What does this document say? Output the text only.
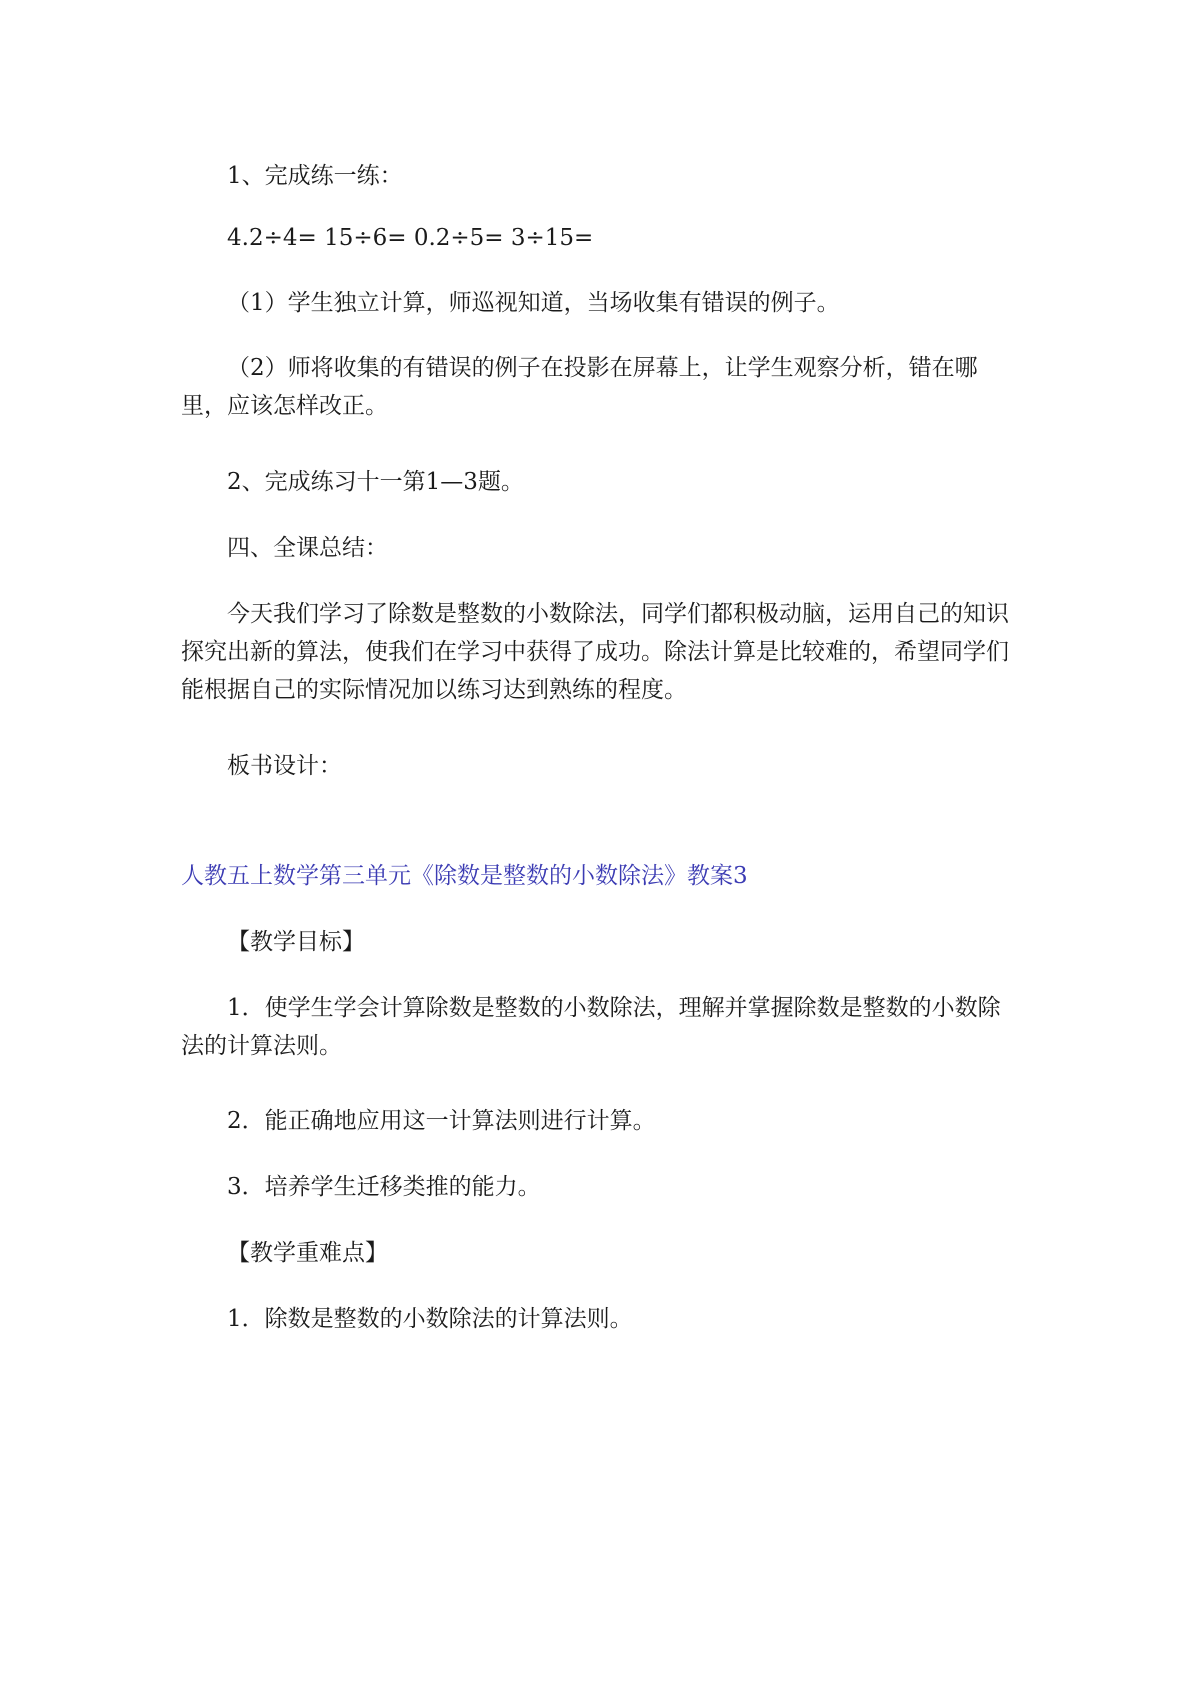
1、完成练一练：
4.2÷4= 15÷6= 0.2÷5= 3÷15=
（1）学生独立计算，师巡视知道，当场收集有错误的例子。
（2）师将收集的有错误的例子在投影在屏幕上，让学生观察分析，错在哪里，应该怎样改正。
2、完成练习十一第1—3题。
四、全课总结：
今天我们学习了除数是整数的小数除法，同学们都积极动脑，运用自己的知识探究出新的算法，使我们在学习中获得了成功。除法计算是比较难的，希望同学们能根据自己的实际情况加以练习达到熟练的程度。
板书设计：
人教五上数学第三单元《除数是整数的小数除法》教案3
【教学目标】
1．使学生学会计算除数是整数的小数除法，理解并掌握除数是整数的小数除法的计算法则。
2．能正确地应用这一计算法则进行计算。
3．培养学生迁移类推的能力。
【教学重难点】
1．除数是整数的小数除法的计算法则。
